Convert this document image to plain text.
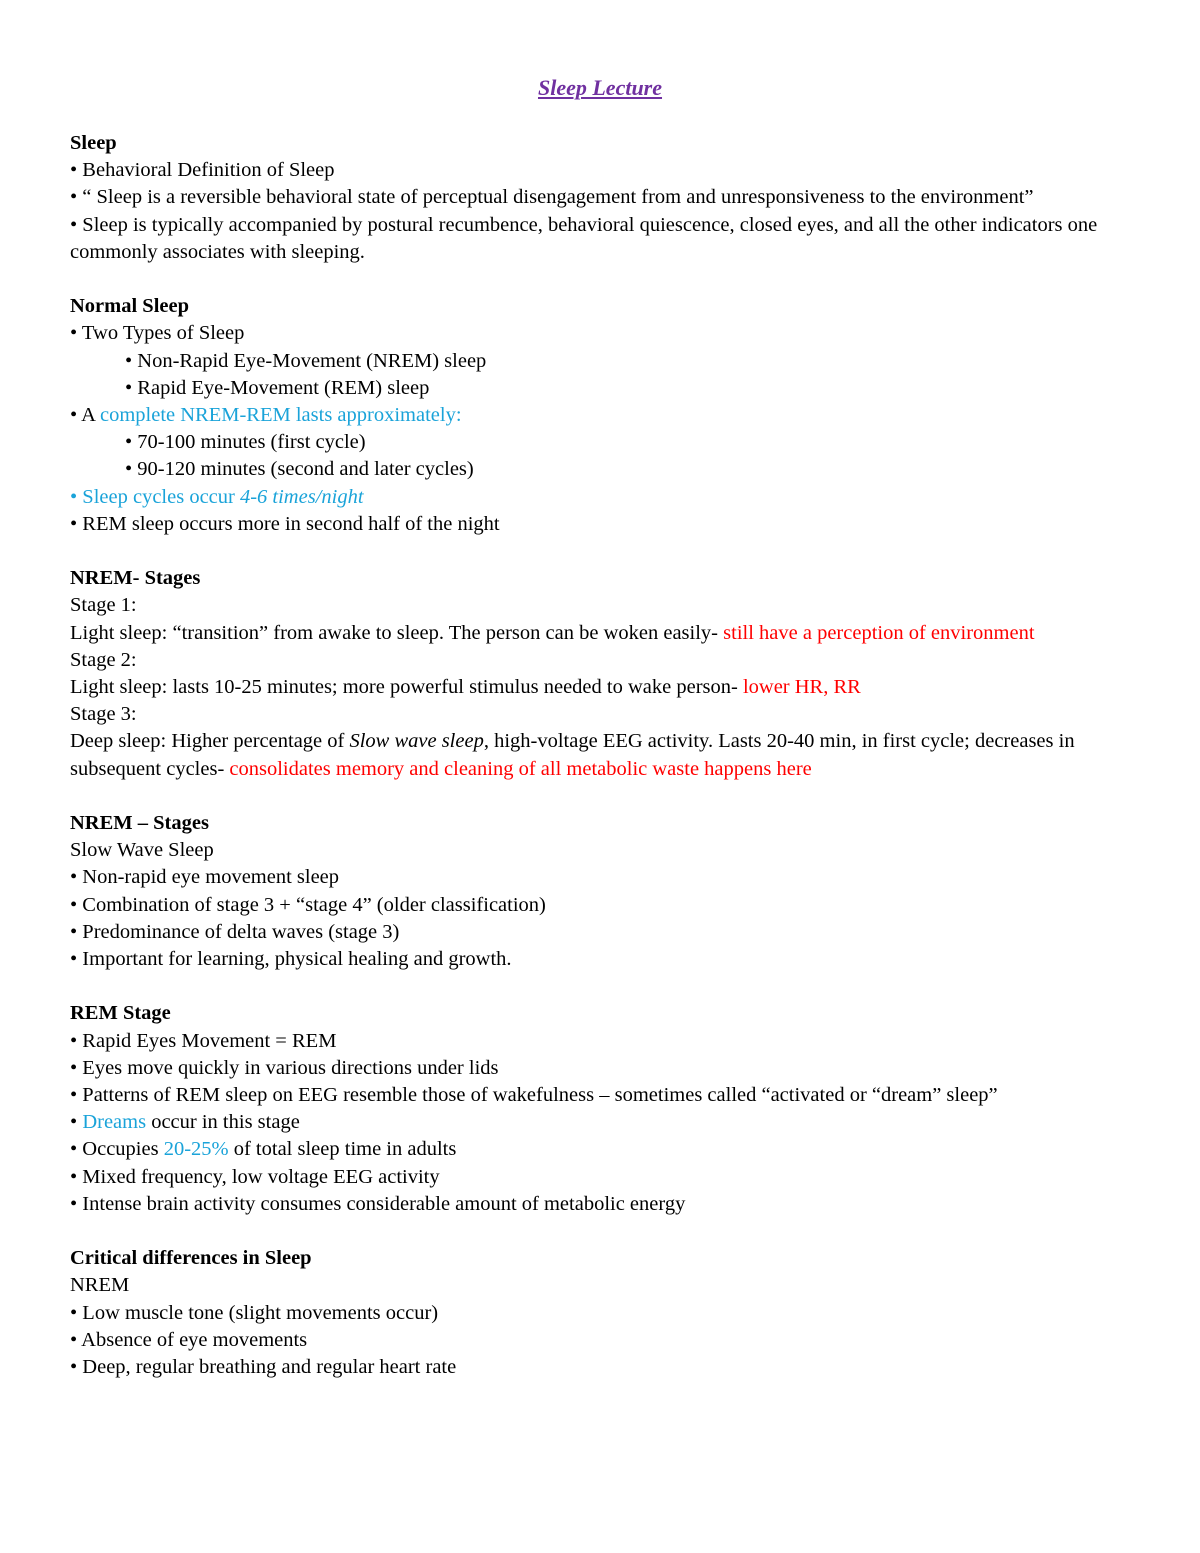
Sleep Lecture
Sleep
• Behavioral Definition of Sleep
• “ Sleep is a reversible behavioral state of perceptual disengagement from and unresponsiveness to the environment”
• Sleep is typically accompanied by postural recumbence, behavioral quiescence, closed eyes, and all the other indicators one commonly associates with sleeping.
Normal Sleep
• Two Types of Sleep
• Non-Rapid Eye-Movement (NREM) sleep
• Rapid Eye-Movement (REM) sleep
• A complete NREM-REM lasts approximately:
• 70-100 minutes (first cycle)
• 90-120 minutes (second and later cycles)
• Sleep cycles occur 4-6 times/night
• REM sleep occurs more in second half of the night
NREM- Stages
Stage 1:
Light sleep: “transition” from awake to sleep. The person can be woken easily- still have a perception of environment
Stage 2:
Light sleep: lasts 10-25 minutes; more powerful stimulus needed to wake person- lower HR, RR
Stage 3:
Deep sleep: Higher percentage of Slow wave sleep, high-voltage EEG activity. Lasts 20-40 min, in first cycle; decreases in subsequent cycles- consolidates memory and cleaning of all metabolic waste happens here
NREM – Stages
Slow Wave Sleep
• Non-rapid eye movement sleep
• Combination of stage 3 + “stage 4” (older classification)
• Predominance of delta waves (stage 3)
• Important for learning, physical healing and growth.
REM Stage
• Rapid Eyes Movement = REM
• Eyes move quickly in various directions under lids
• Patterns of REM sleep on EEG resemble those of wakefulness – sometimes called “activated or “dream” sleep”
• Dreams occur in this stage
• Occupies 20-25% of total sleep time in adults
• Mixed frequency, low voltage EEG activity
• Intense brain activity consumes considerable amount of metabolic energy
Critical differences in Sleep
NREM
• Low muscle tone (slight movements occur)
• Absence of eye movements
• Deep, regular breathing and regular heart rate
